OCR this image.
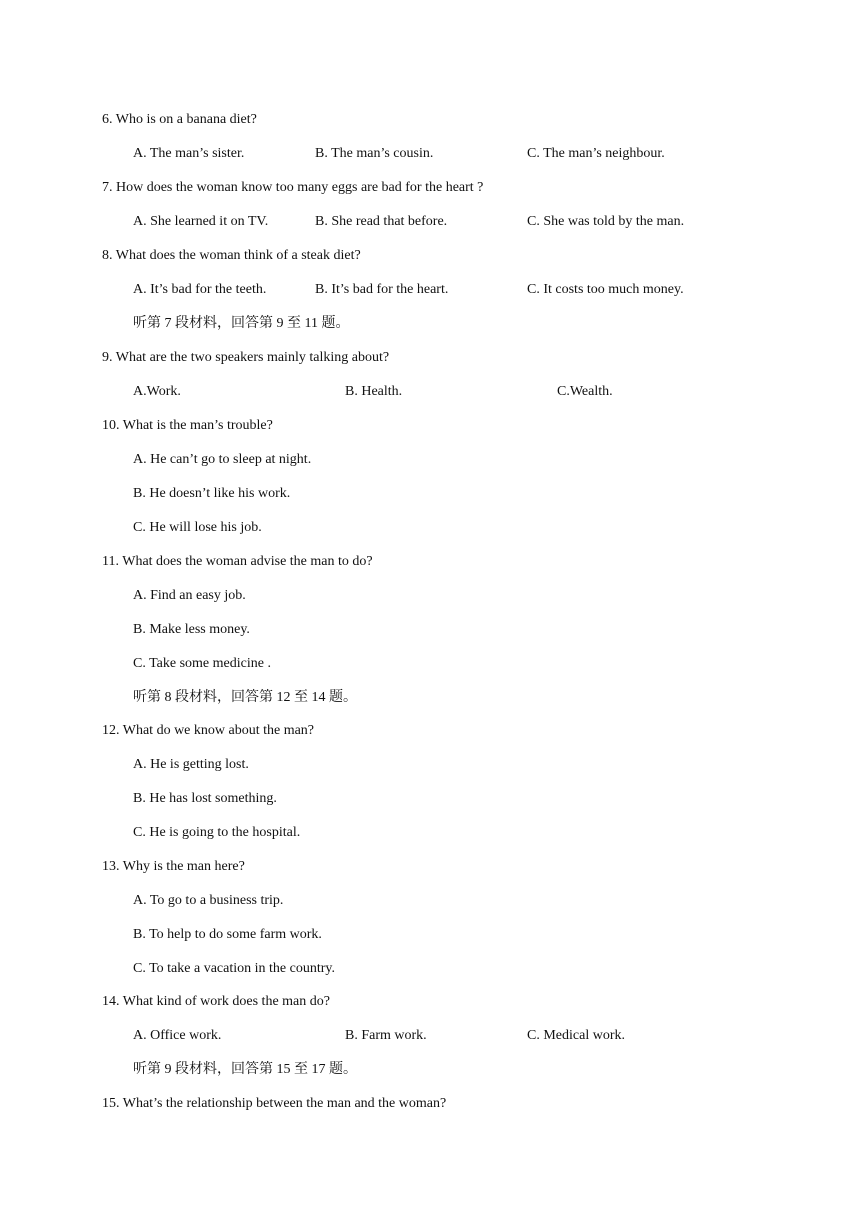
6. Who is on a banana diet?
A. The man’s sister.	B. The man’s cousin.	C. The man’s neighbour.
7. How does the woman know too many eggs are bad for the heart ?
A. She learned it on TV.	B. She read that before.	C. She was told by the man.
8. What does the woman think of a steak diet?
A. It’s bad for the teeth.	B. It’s bad for the heart.	C. It costs too much money.
听第 7 段材料，回答第 9 至 11 题。
9. What are the two speakers mainly talking about?
A.Work.	B. Health.	C.Wealth.
10. What is the man’s trouble?
A. He can’t go to sleep at night.
B. He doesn’t like his work.
C. He will lose his job.
11. What does the woman advise the man to do?
A. Find an easy job.
B. Make less money.
C. Take some medicine .
听第 8 段材料，回答第 12 至 14 题。
12. What do we know about the man?
A. He is getting lost.
B. He has lost something.
C. He is going to the hospital.
13. Why is the man here?
A. To go to a business trip.
B. To help to do some farm work.
C. To take a vacation in the country.
14. What kind of work does the man do?
A. Office work.	B. Farm work.	C. Medical work.
听第 9 段材料，回答第 15 至 17 题。
15. What’s the relationship between the man and the woman?
